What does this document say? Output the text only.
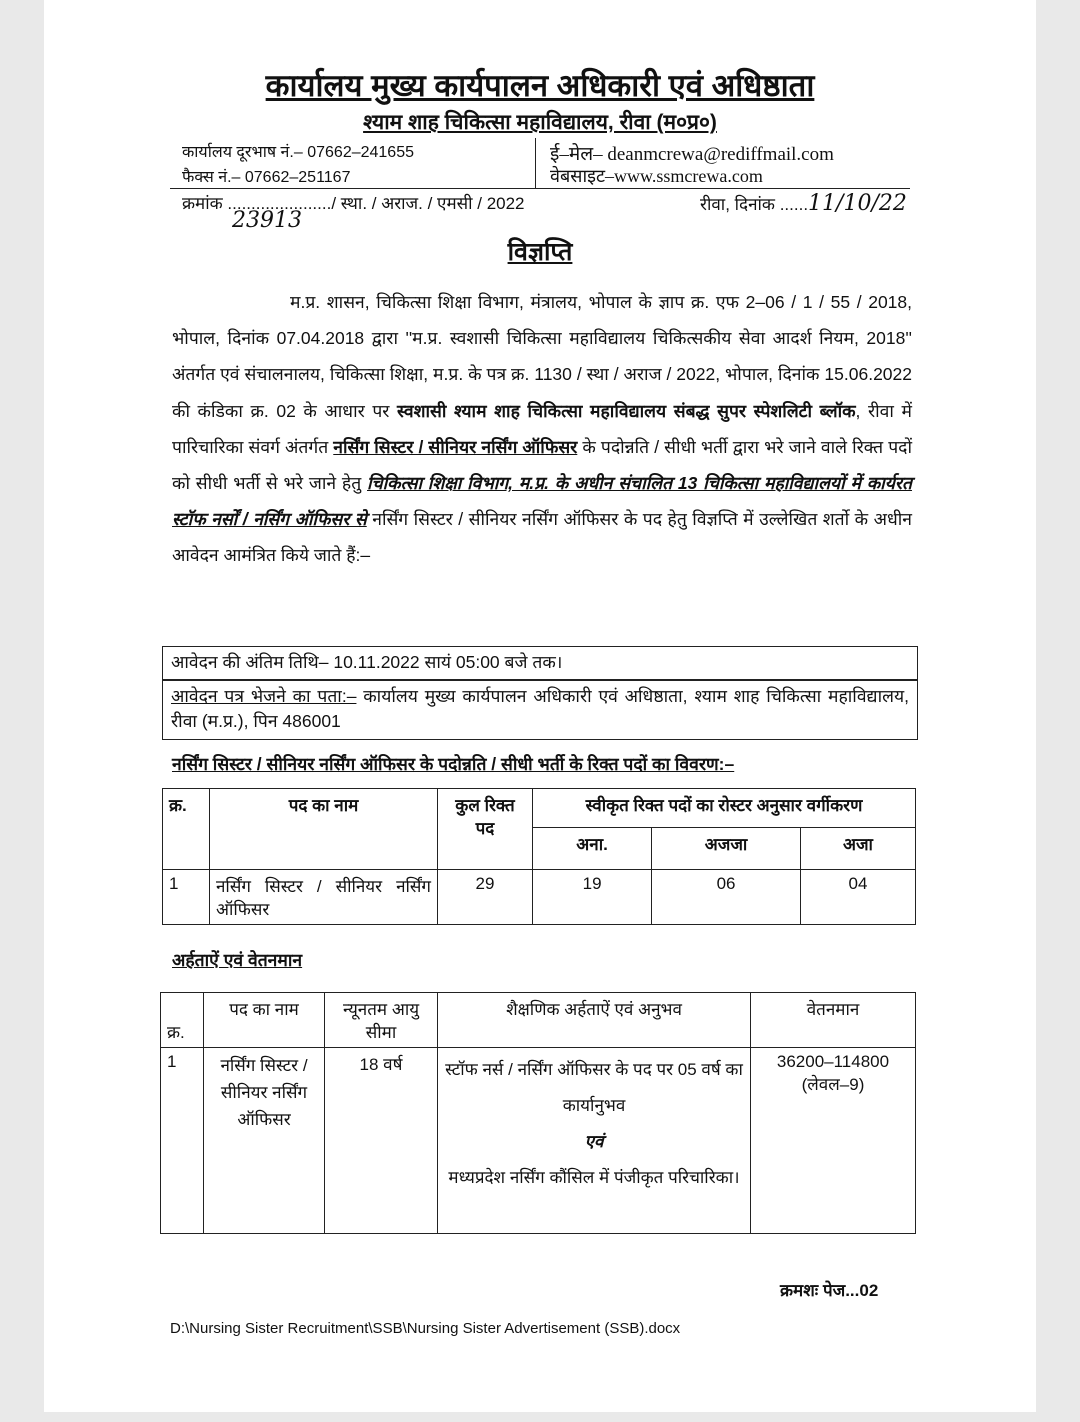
कार्यालय मुख्य कार्यपालन अधिकारी एवं अधिष्ठाता
श्याम शाह चिकित्सा महाविद्यालय, रीवा (म०प्र०)
कार्यालय दूरभाष नं.– 07662–241655
फैक्स नं.– 07662–251167
ई–मेल– deanmcrewa@rediffmail.com
वेबसाइट–www.ssmcrewa.com
क्रमांक ....................../ स्था. / अराज. / एमसी / 2022
23913
रीवा, दिनांक ......11/10/22
विज्ञप्ति
म.प्र. शासन, चिकित्सा शिक्षा विभाग, मंत्रालय, भोपाल के ज्ञाप क्र. एफ 2–06 / 1 / 55 / 2018, भोपाल, दिनांक 07.04.2018 द्वारा ''म.प्र. स्वशासी चिकित्सा महाविद्यालय चिकित्सकीय सेवा आदर्श नियम, 2018'' अंतर्गत एवं संचालनालय, चिकित्सा शिक्षा, म.प्र. के पत्र क्र. 1130 / स्था / अराज / 2022, भोपाल, दिनांक 15.06.2022 की कंडिका क्र. 02 के आधार पर स्वशासी श्याम शाह चिकित्सा महाविद्यालय संबद्ध सुपर स्पेशलिटी ब्लॉक, रीवा में पारिचारिका संवर्ग अंतर्गत नर्सिंग सिस्टर / सीनियर नर्सिंग ऑफिसर के पदोन्नति / सीधी भर्ती द्वारा भरे जाने वाले रिक्त पदों को सीधी भर्ती से भरे जाने हेतु चिकित्सा शिक्षा विभाग, म.प्र. के अधीन संचालित 13 चिकित्सा महाविद्यालयों में कार्यरत स्टॉफ नर्सों / नर्सिंग ऑफिसर से नर्सिंग सिस्टर / सीनियर नर्सिंग ऑफिसर के पद हेतु विज्ञप्ति में उल्लेखित शर्तो के अधीन आवेदन आमंत्रित किये जाते हैं:–
आवेदन की अंतिम तिथि– 10.11.2022 सायं 05:00 बजे तक।
आवेदन पत्र भेजने का पता:– कार्यालय मुख्य कार्यपालन अधिकारी एवं अधिष्ठाता, श्याम शाह चिकित्सा महाविद्यालय, रीवा (म.प्र.), पिन 486001
नर्सिंग सिस्टर / सीनियर नर्सिंग ऑफिसर के पदोन्नति / सीधी भर्ती के रिक्त पदों का विवरण:–
क्र.	पद का नाम	कुल रिक्त पद	स्वीकृत रिक्त पदों का रोस्टर अनुसार वर्गीकरण		
			अना.	अजजा	अजा
1	नर्सिंग सिस्टर / सीनियर नर्सिंग ऑफिसर	29	19	06	04
अर्हताऐं एवं वेतनमान
क्र.	पद का नाम	न्यूनतम आयु सीमा	शैक्षणिक अर्हताऐं एवं अनुभव	वेतनमान
1	नर्सिंग सिस्टर / सीनियर नर्सिंग ऑफिसर	18 वर्ष	स्टॉफ नर्स / नर्सिंग ऑफिसर के पद पर 05 वर्ष का कार्यानुभव
एवं
मध्यप्रदेश नर्सिंग कौंसिल में पंजीकृत परिचारिका।	36200–114800 (लेवल–9)
क्रमशः पेज...02
D:\Nursing Sister Recruitment\SSB\Nursing Sister Advertisement (SSB).docx
